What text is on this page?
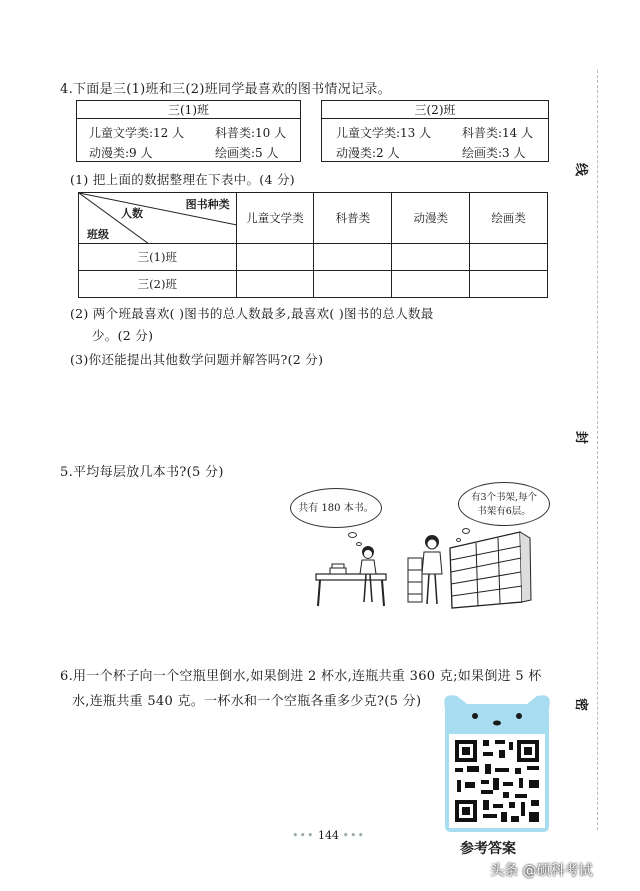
4.下面是三(1)班和三(2)班同学最喜欢的图书情况记录。
三(1)班
儿童文学类:12 人	科普类:10 人
动漫类:9 人	绘画类:5 人
三(2)班
儿童文学类:13 人	科普类:14 人
动漫类:2 人	绘画类:3 人
(1) 把上面的数据整理在下表中。(4 分)
图书种类
人数
班级	儿童文学类	科普类	动漫类	绘画类
三(1)班				
三(2)班				
(2) 两个班最喜欢( )图书的总人数最多,最喜欢( )图书的总人数最
少。(2 分)
(3)你还能提出其他数学问题并解答吗?(2 分)
线
封
密
5.平均每层放几本书?(5 分)
共有 180 本书。
有3个书架,每个
书架有6层。
6.用一个杯子向一个空瓶里倒水,如果倒进 2 杯水,连瓶共重 360 克;如果倒进 5 杯
水,连瓶共重 540 克。一杯水和一个空瓶各重多少克?(5 分)
参考答案
••• 144 •••
头条 @硕科考试
